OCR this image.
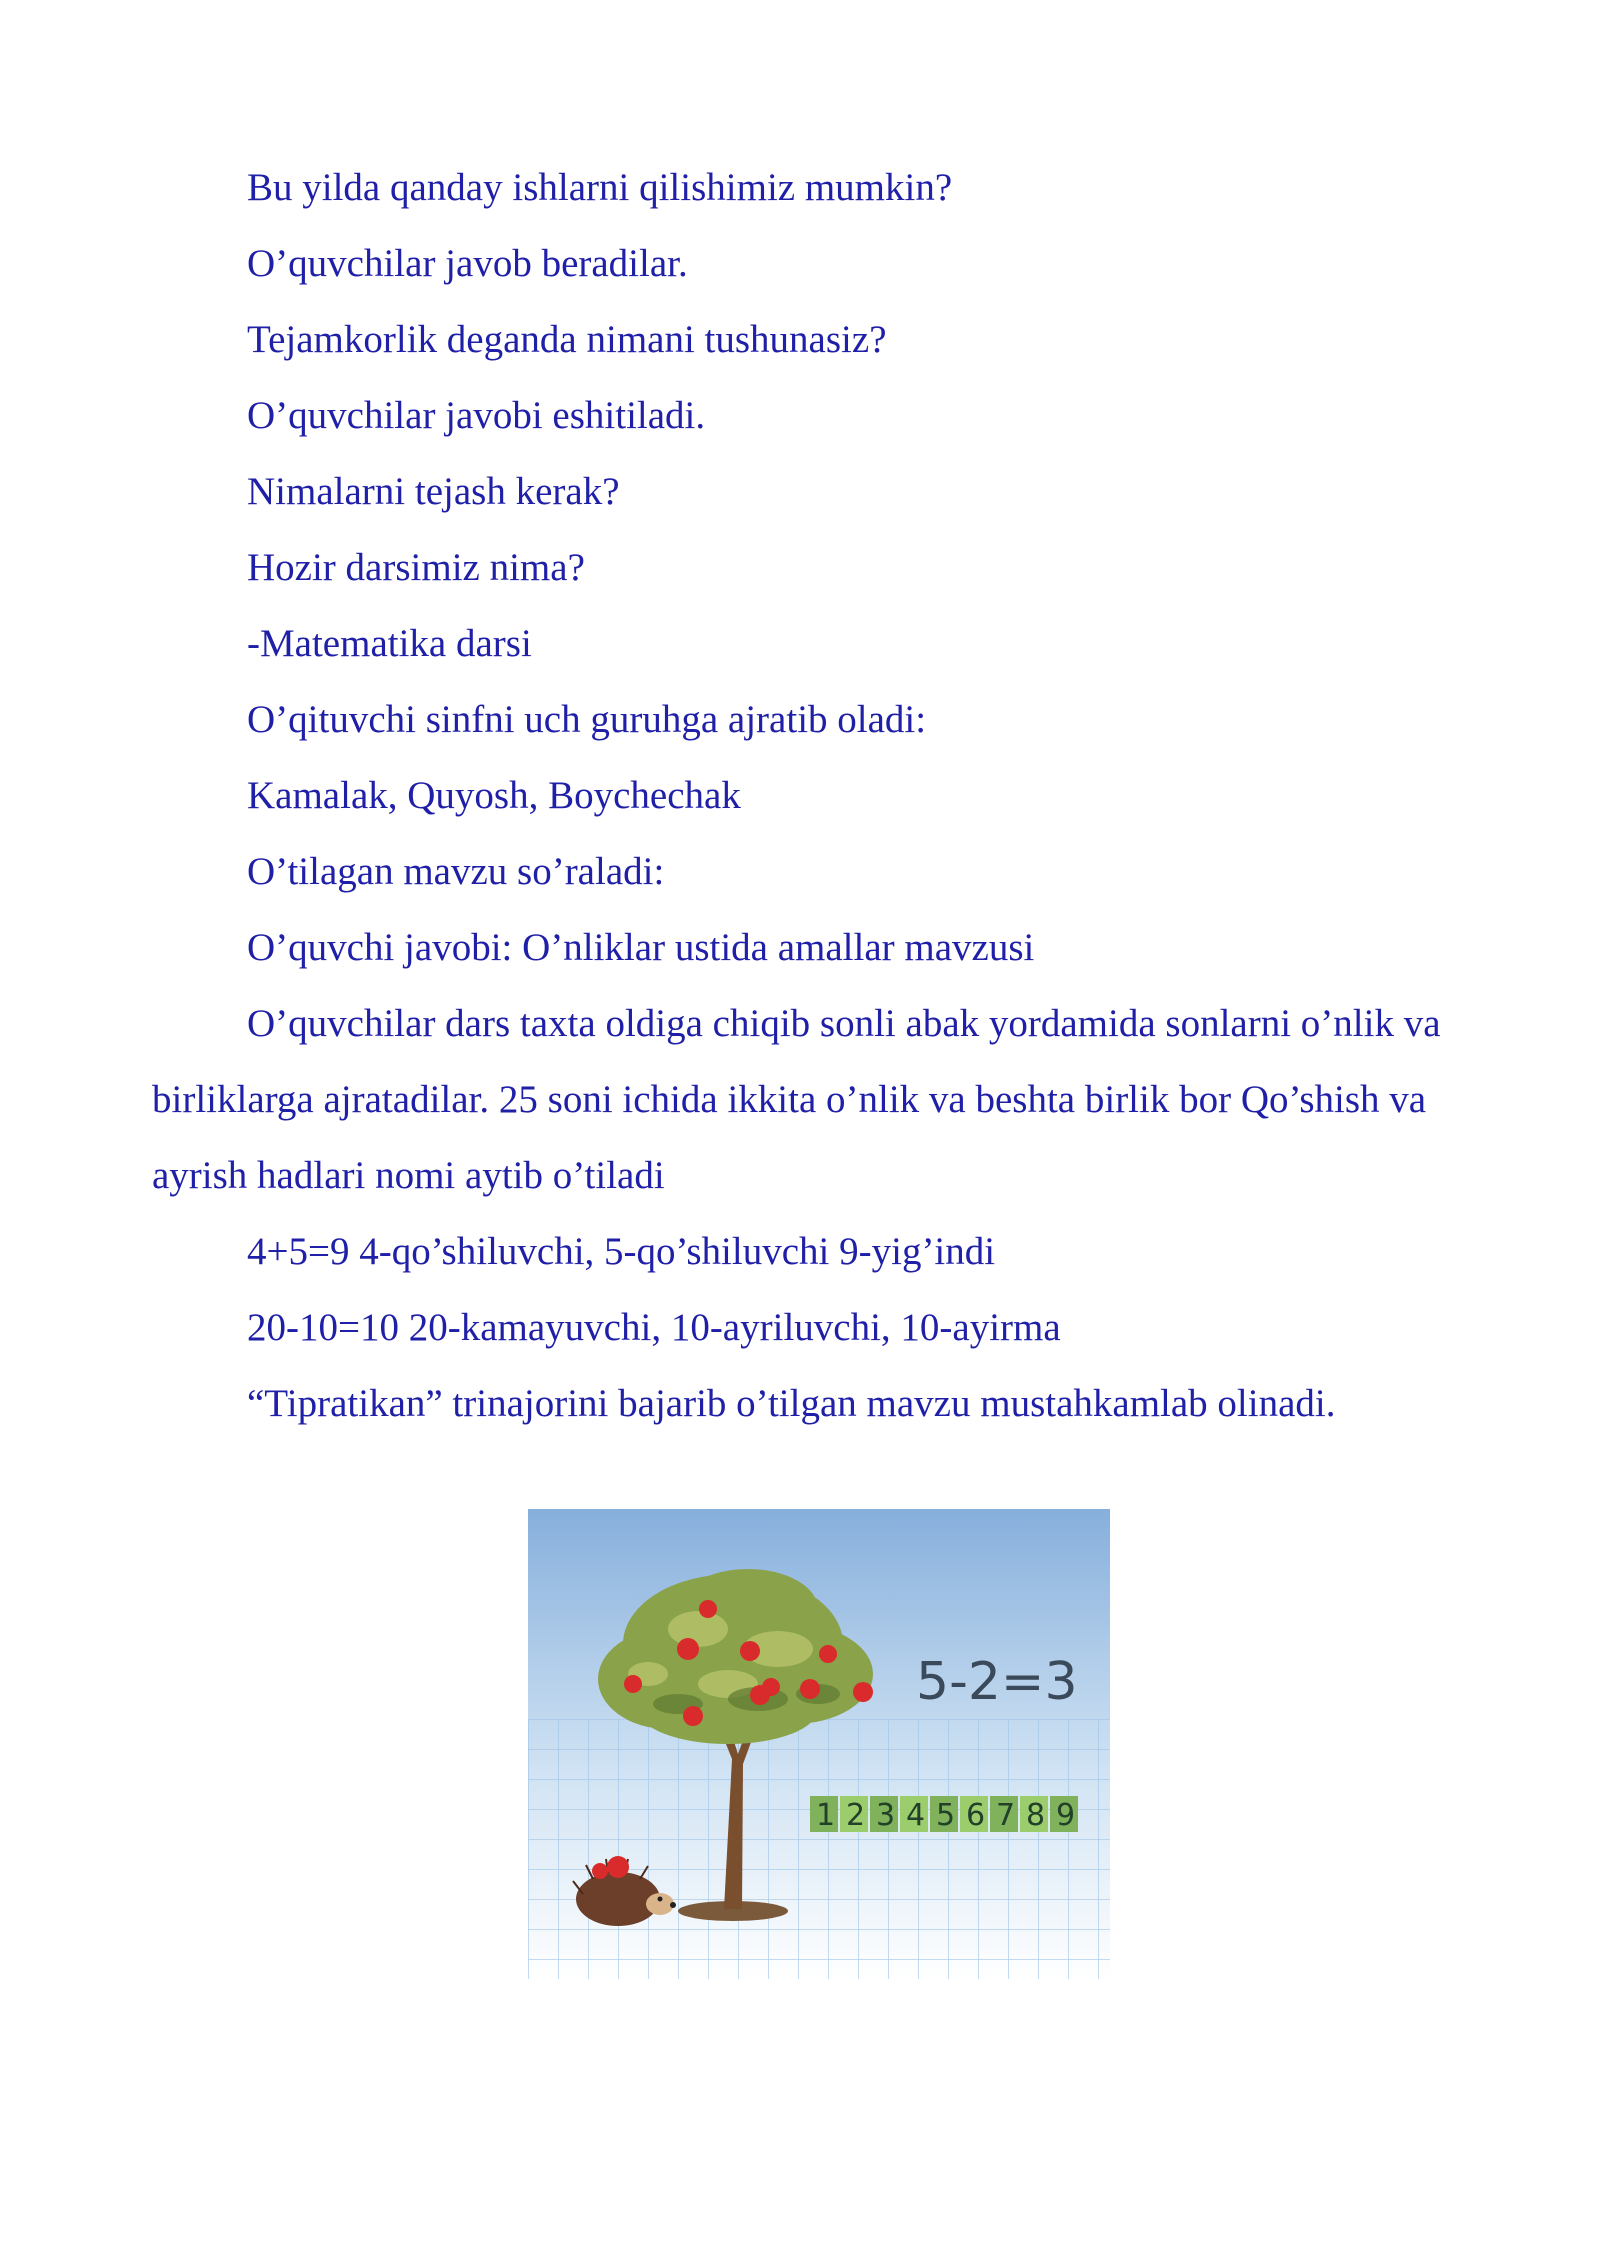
Bu yilda qanday ishlarni qilishimiz mumkin?

O’quvchilar javob beradilar.

Tejamkorlik deganda nimani tushunasiz?

O’quvchilar javobi eshitiladi.

Nimalarni tejash kerak?

Hozir darsimiz nima?

-Matematika darsi

O’qituvchi sinfni uch guruhga ajratib oladi:

Kamalak, Quyosh, Boychechak

O’tilagan mavzu so’raladi:

O’quvchi javobi: O’nliklar ustida amallar mavzusi

O’quvchilar dars taxta oldiga chiqib sonli abak yordamida sonlarni o’nlik va birliklarga ajratadilar. 25 soni ichida ikkita o’nlik va beshta birlik bor Qo’shish va ayrish hadlari nomi aytib o’tiladi

4+5=9 4-qo’shiluvchi, 5-qo’shiluvchi 9-yig’indi

20-10=10 20-kamayuvchi, 10-ayriluvchi, 10-ayirma

“Tipratikan” trinajorini bajarib o’tilgan mavzu mustahkamlab olinadi.

5-2=3
1 2 3 4 5 6 7 8 9
